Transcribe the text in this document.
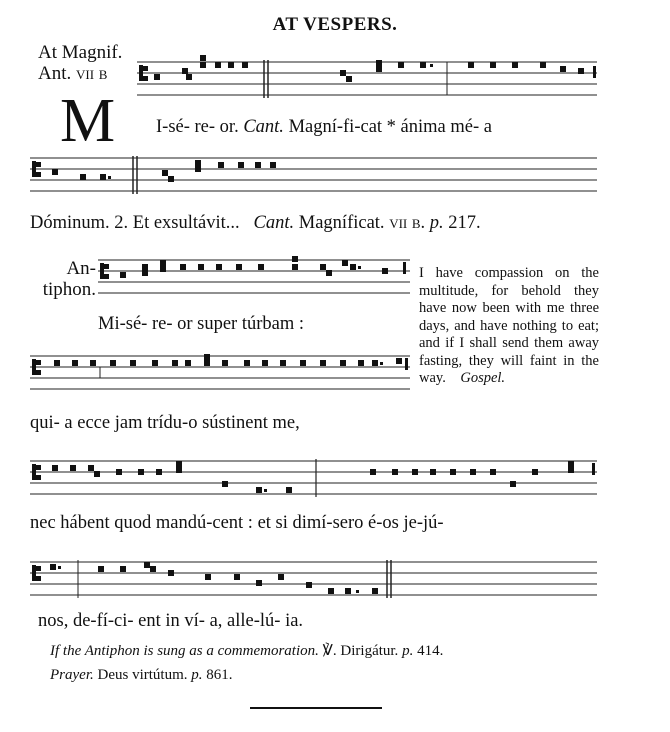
AT VESPERS.
At Magnif.
Ant. vii b
M I-sé- re- or. Cant. Magní-fi-cat * ánima mé- a
Dóminum. 2. Et exsultávit... Cant. Magníficat. vii b. p. 217.
An-
tiphon.
Mi-sé- re- or super túrbam :
I have compassion on the multitude, for behold they have now been with me three days, and have nothing to eat; and if I shall send them away fasting, they will faint in the way. Gospel.
qui- a ecce jam trídu-o sústinent me,
nec hábent quod mandú-cent : et si dimí-sero é-os je-jú-
nos, de-fí-ci- ent in ví- a, alle-lú- ia.
If the Antiphon is sung as a commemoration. ℣. Dirigátur. p. 414.
Prayer. Deus virtútum. p. 861.
